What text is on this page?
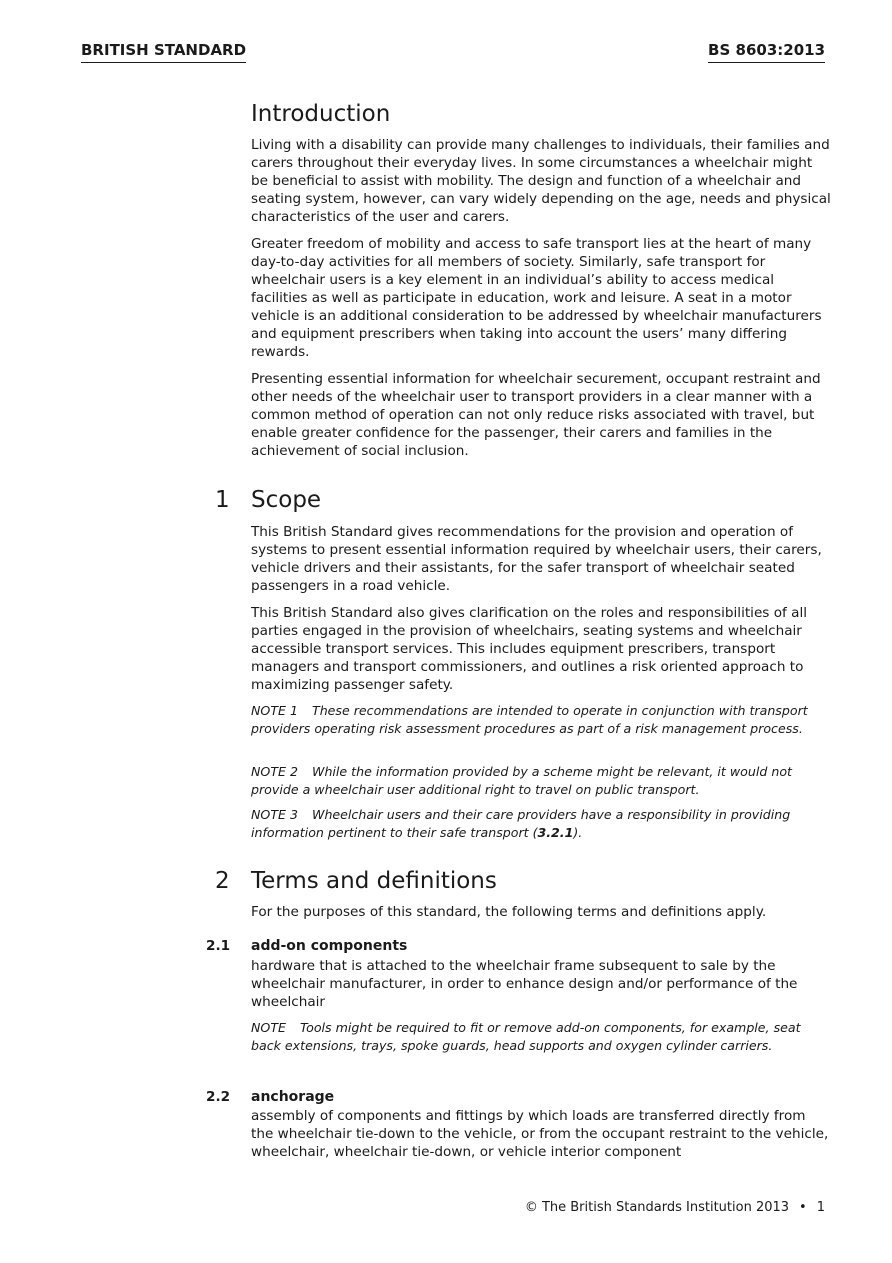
BRITISH STANDARD	BS 8603:2013
Introduction

Living with a disability can provide many challenges to individuals, their families and carers throughout their everyday lives. In some circumstances a wheelchair might be beneficial to assist with mobility. The design and function of a wheelchair and seating system, however, can vary widely depending on the age, needs and physical characteristics of the user and carers.

Greater freedom of mobility and access to safe transport lies at the heart of many day-to-day activities for all members of society. Similarly, safe transport for wheelchair users is a key element in an individual’s ability to access medical facilities as well as participate in education, work and leisure. A seat in a motor vehicle is an additional consideration to be addressed by wheelchair manufacturers and equipment prescribers when taking into account the users’ many differing rewards.

Presenting essential information for wheelchair securement, occupant restraint and other needs of the wheelchair user to transport providers in a clear manner with a common method of operation can not only reduce risks associated with travel, but enable greater confidence for the passenger, their carers and families in the achievement of social inclusion.

1 Scope

This British Standard gives recommendations for the provision and operation of systems to present essential information required by wheelchair users, their carers, vehicle drivers and their assistants, for the safer transport of wheelchair seated passengers in a road vehicle.

This British Standard also gives clarification on the roles and responsibilities of all parties engaged in the provision of wheelchairs, seating systems and wheelchair accessible transport services. This includes equipment prescribers, transport managers and transport commissioners, and outlines a risk oriented approach to maximizing passenger safety.

NOTE 1 These recommendations are intended to operate in conjunction with transport providers operating risk assessment procedures as part of a risk management process.

NOTE 2 While the information provided by a scheme might be relevant, it would not provide a wheelchair user additional right to travel on public transport.

NOTE 3 Wheelchair users and their care providers have a responsibility in providing information pertinent to their safe transport (3.2.1).

2 Terms and definitions

For the purposes of this standard, the following terms and definitions apply.

2.1 add-on components

hardware that is attached to the wheelchair frame subsequent to sale by the wheelchair manufacturer, in order to enhance design and/or performance of the wheelchair

NOTE Tools might be required to fit or remove add-on components, for example, seat back extensions, trays, spoke guards, head supports and oxygen cylinder carriers.

2.2 anchorage

assembly of components and fittings by which loads are transferred directly from the wheelchair tie-down to the vehicle, or from the occupant restraint to the vehicle, wheelchair, wheelchair tie-down, or vehicle interior component

© The British Standards Institution 2013 • 1
